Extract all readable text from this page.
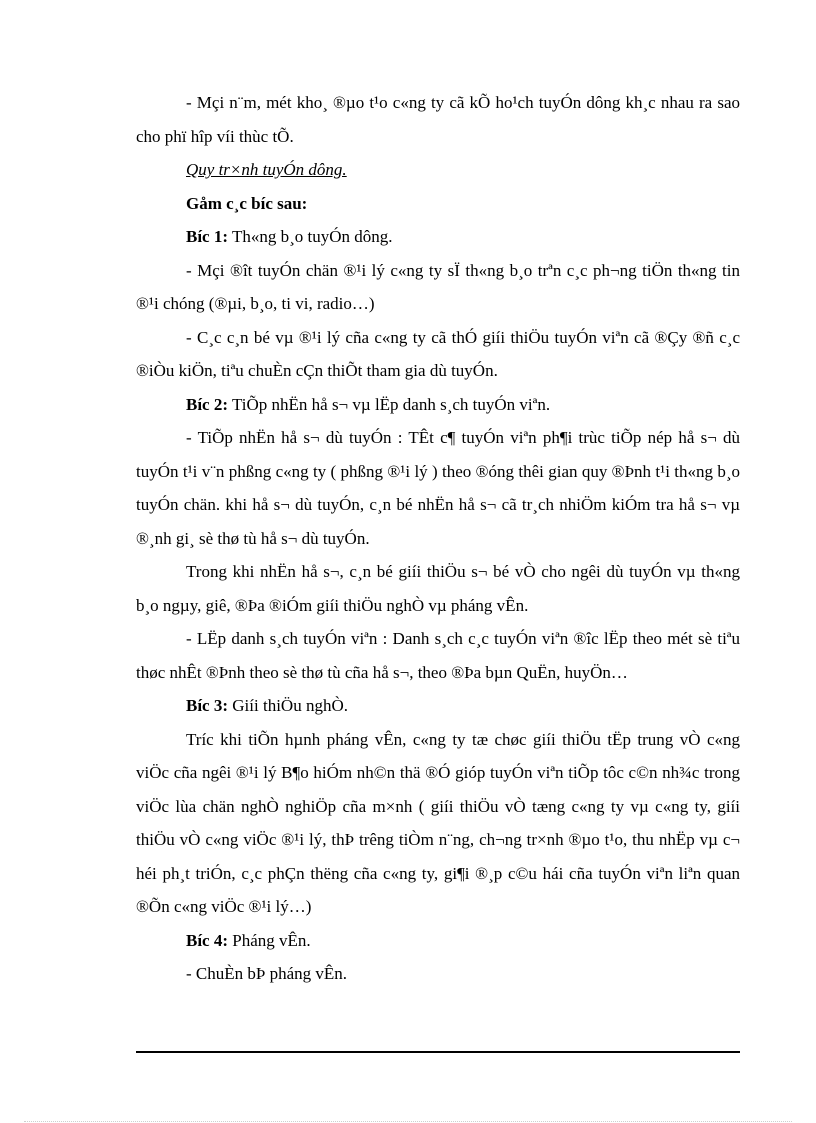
- Mçi n¨m, mét kho¸ ®µo t¹o c«ng ty cã kÕ ho¹ch tuyÓn dông kh¸c nhau ra sao cho phï hîp víi thùc tÕ.

Quy tr×nh tuyÓn dông.

Gåm c¸c bíc sau:

Bíc 1: Th«ng b¸o tuyÓn dông.

- Mçi ®ît tuyÓn chän ®¹i lý c«ng ty sÏ th«ng b¸o trªn c¸c ph¬ng tiÖn th«ng tin ®¹i chóng (®µi, b¸o, ti vi, radio…)

- C¸c c¸n bé vµ ®¹i lý cña c«ng ty cã thÓ giíi thiÖu tuyÓn viªn cã ®Çy ®ñ c¸c ®iÒu kiÖn, tiªu chuÈn cÇn thiÕt tham gia dù tuyÓn.

Bíc 2: TiÕp nhËn hå s¬ vµ lËp danh s¸ch tuyÓn viªn.

- TiÕp nhËn hå s¬ dù tuyÓn : TÊt c¶ tuyÓn viªn ph¶i trùc tiÕp nép hå s¬ dù tuyÓn t¹i v¨n phßng c«ng ty ( phßng ®¹i lý ) theo ®óng thêi gian quy ®Þnh t¹i th«ng b¸o tuyÓn chän. khi hå s¬ dù tuyÓn, c¸n bé nhËn hå s¬ cã tr¸ch nhiÖm kiÓm tra hå s¬ vµ ®¸nh gi¸ sè thø tù hå s¬ dù tuyÓn.

Trong khi nhËn hå s¬, c¸n bé giíi thiÖu s¬ bé vÒ cho ngêi dù tuyÓn vµ th«ng b¸o ngµy, giê, ®Þa ®iÓm giíi thiÖu nghÒ vµ pháng vÊn.

- LËp danh s¸ch tuyÓn viªn : Danh s¸ch c¸c tuyÓn viªn ®îc lËp theo mét sè tiªu thøc nhÊt ®Þnh theo sè thø tù cña hå s¬, theo ®Þa bµn QuËn, huyÖn…

Bíc 3: Giíi thiÖu nghÒ.

Tríc khi tiÕn hµnh pháng vÊn, c«ng ty tæ chøc giíi thiÖu tËp trung vÒ c«ng viÖc cña ngêi ®¹i lý B¶o hiÓm nh©n thä ®Ó gióp tuyÓn viªn tiÕp tôc c©n nh¾c trong viÖc lùa chän nghÒ nghiÖp cña m×nh ( giíi thiÖu vÒ tæng c«ng ty vµ c«ng ty, giíi thiÖu vÒ c«ng viÖc ®¹i lý, thÞ trêng tiÒm n¨ng, ch¬ng tr×nh ®µo t¹o, thu nhËp vµ c¬ héi ph¸t triÓn, c¸c phÇn thëng cña c«ng ty, gi¶i ®¸p c©u hái cña tuyÓn viªn liªn quan ®Õn c«ng viÖc ®¹i lý…)

Bíc 4: Pháng vÊn.

- ChuÈn bÞ pháng vÊn.
